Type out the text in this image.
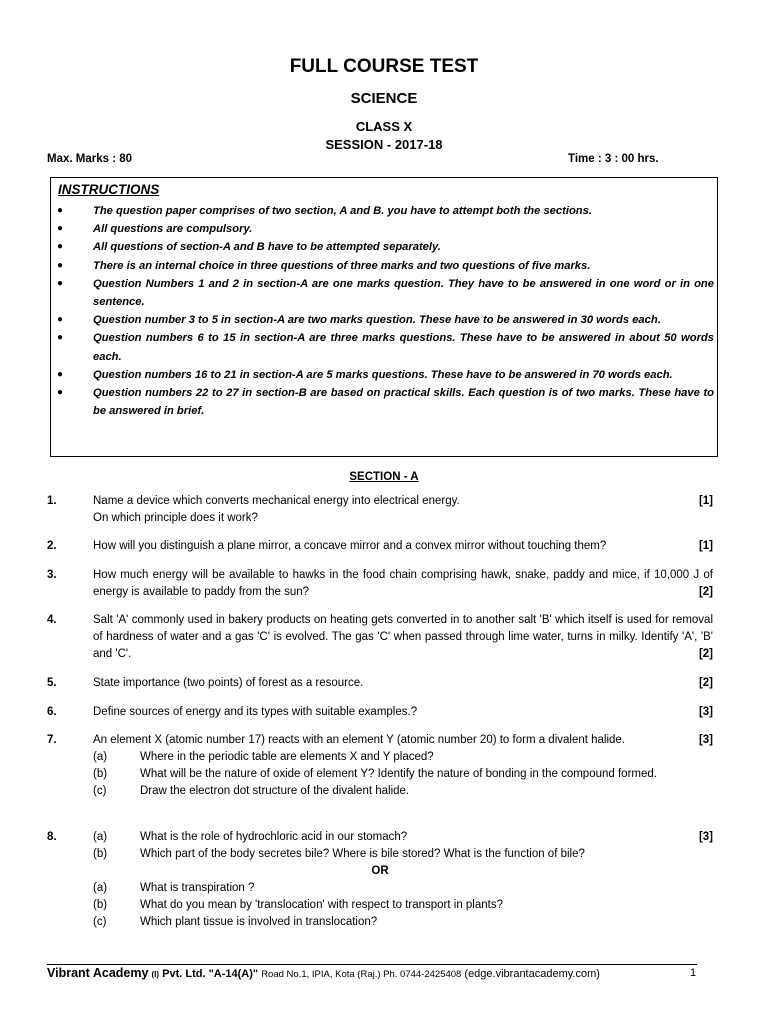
FULL COURSE TEST
SCIENCE
CLASS X
SESSION - 2017-18
Max. Marks : 80	Time : 3 : 00 hrs.
INSTRUCTIONS
●	The question paper comprises of two section, A and B. you have to attempt both the sections.
●	All questions are compulsory.
●	All questions of section-A and B have to be attempted separately.
●	There is an internal choice in three questions of three marks and two questions of five marks.
●	Question Numbers 1 and 2 in section-A are one marks question. They have to be answered in one word or in one sentence.
●	Question number 3 to 5 in section-A are two marks question. These have to be answered in 30 words each.
●	Question numbers 6 to 15 in section-A are three marks questions. These have to be answered in about 50 words each.
●	Question numbers 16 to 21 in section-A are 5 marks questions. These have to be answered in 70 words each.
●	Question numbers 22 to 27 in section-B are based on practical skills. Each question is of two marks. These have to be answered in brief.
SECTION - A
1.	[1]
Name a device which converts mechanical energy into electrical energy.
On which principle does it work?
2.	[1]
How will you distinguish a plane mirror, a concave mirror and a convex mirror without touching them?
3.
[2]
How much energy will be available to hawks in the food chain comprising hawk, snake, paddy and mice, if 10,000 J of energy is available to paddy from the sun?
4.
[2]
Salt 'A' commonly used in bakery products on heating gets converted in to another salt 'B' which itself is used for removal of hardness of water and a gas 'C' is evolved. The gas 'C' when passed through lime water, turns in milky. Identify 'A', 'B' and 'C'.
5.	[2]
State importance (two points) of forest as a resource.
6.	[3]
Define sources of energy and its types with suitable examples.?
7.	[3]
An element X (atomic number 17) reacts with an element Y (atomic number 20) to form a divalent halide.
(a)	Where in the periodic table are elements X and Y placed?
(b)	What will be the nature of oxide of element Y? Identify the nature of bonding in the compound formed.
(c)	Draw the electron dot structure of the divalent halide.
8.	[3]
(a)	What is the role of hydrochloric acid in our stomach?
(b)	Which part of the body secretes bile? Where is bile stored? What is the function of bile?
OR
(a)	What is transpiration ?
(b)	What do you mean by 'translocation' with respect to transport in plants?
(c)	Which plant tissue is involved in translocation?
Vibrant Academy (I) Pvt. Ltd. "A-14(A)" Road No.1, IPIA, Kota (Raj.) Ph. 0744-2425408 (edge.vibrantacademy.com)	1
